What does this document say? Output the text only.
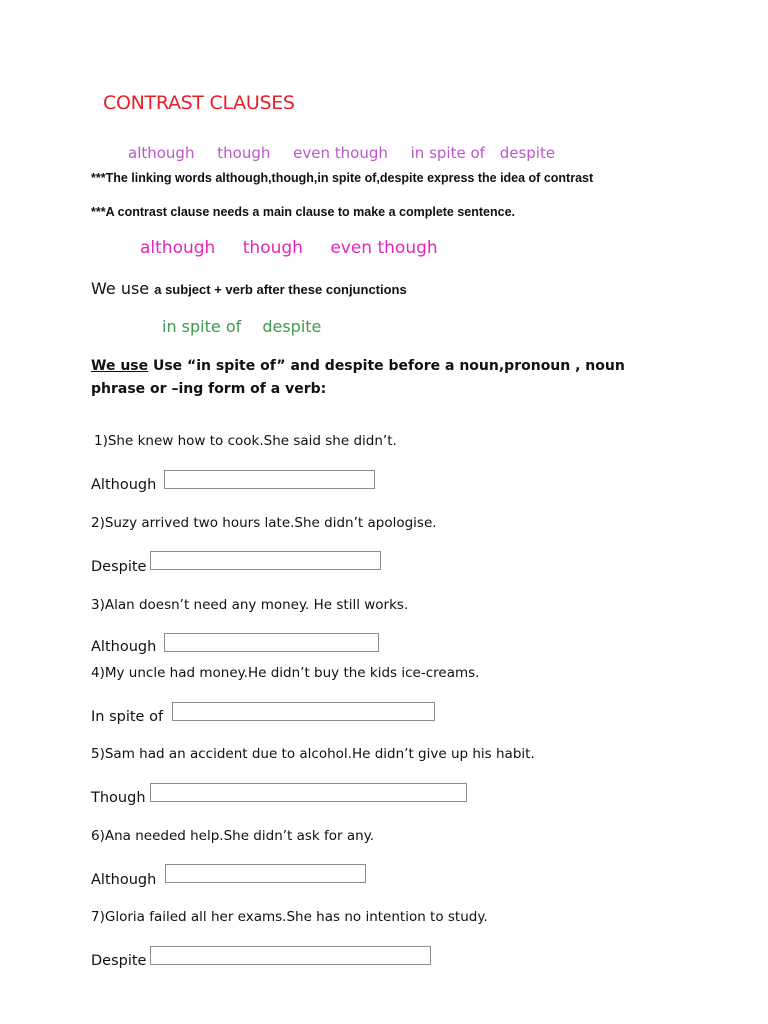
CONTRAST CLAUSES
although though even though in spite of despite
***The linking words although,though,in spite of,despite express the idea of contrast
***A contrast clause needs a main clause to make a complete sentence.
although though even though
We use a subject + verb after these conjunctions
in spite of despite
We use Use “in spite of” and despite before a noun,pronoun , noun phrase or –ing form of a verb:
1)She knew how to cook.She said she didn’t.
Although
2)Suzy arrived two hours late.She didn’t apologise.
Despite
3)Alan doesn’t need any money. He still works.
Although
4)My uncle had money.He didn’t buy the kids ice-creams.
In spite of
5)Sam had an accident due to alcohol.He didn’t give up his habit.
Though
6)Ana needed help.She didn’t ask for any.
Although
7)Gloria failed all her exams.She has no intention to study.
Despite
